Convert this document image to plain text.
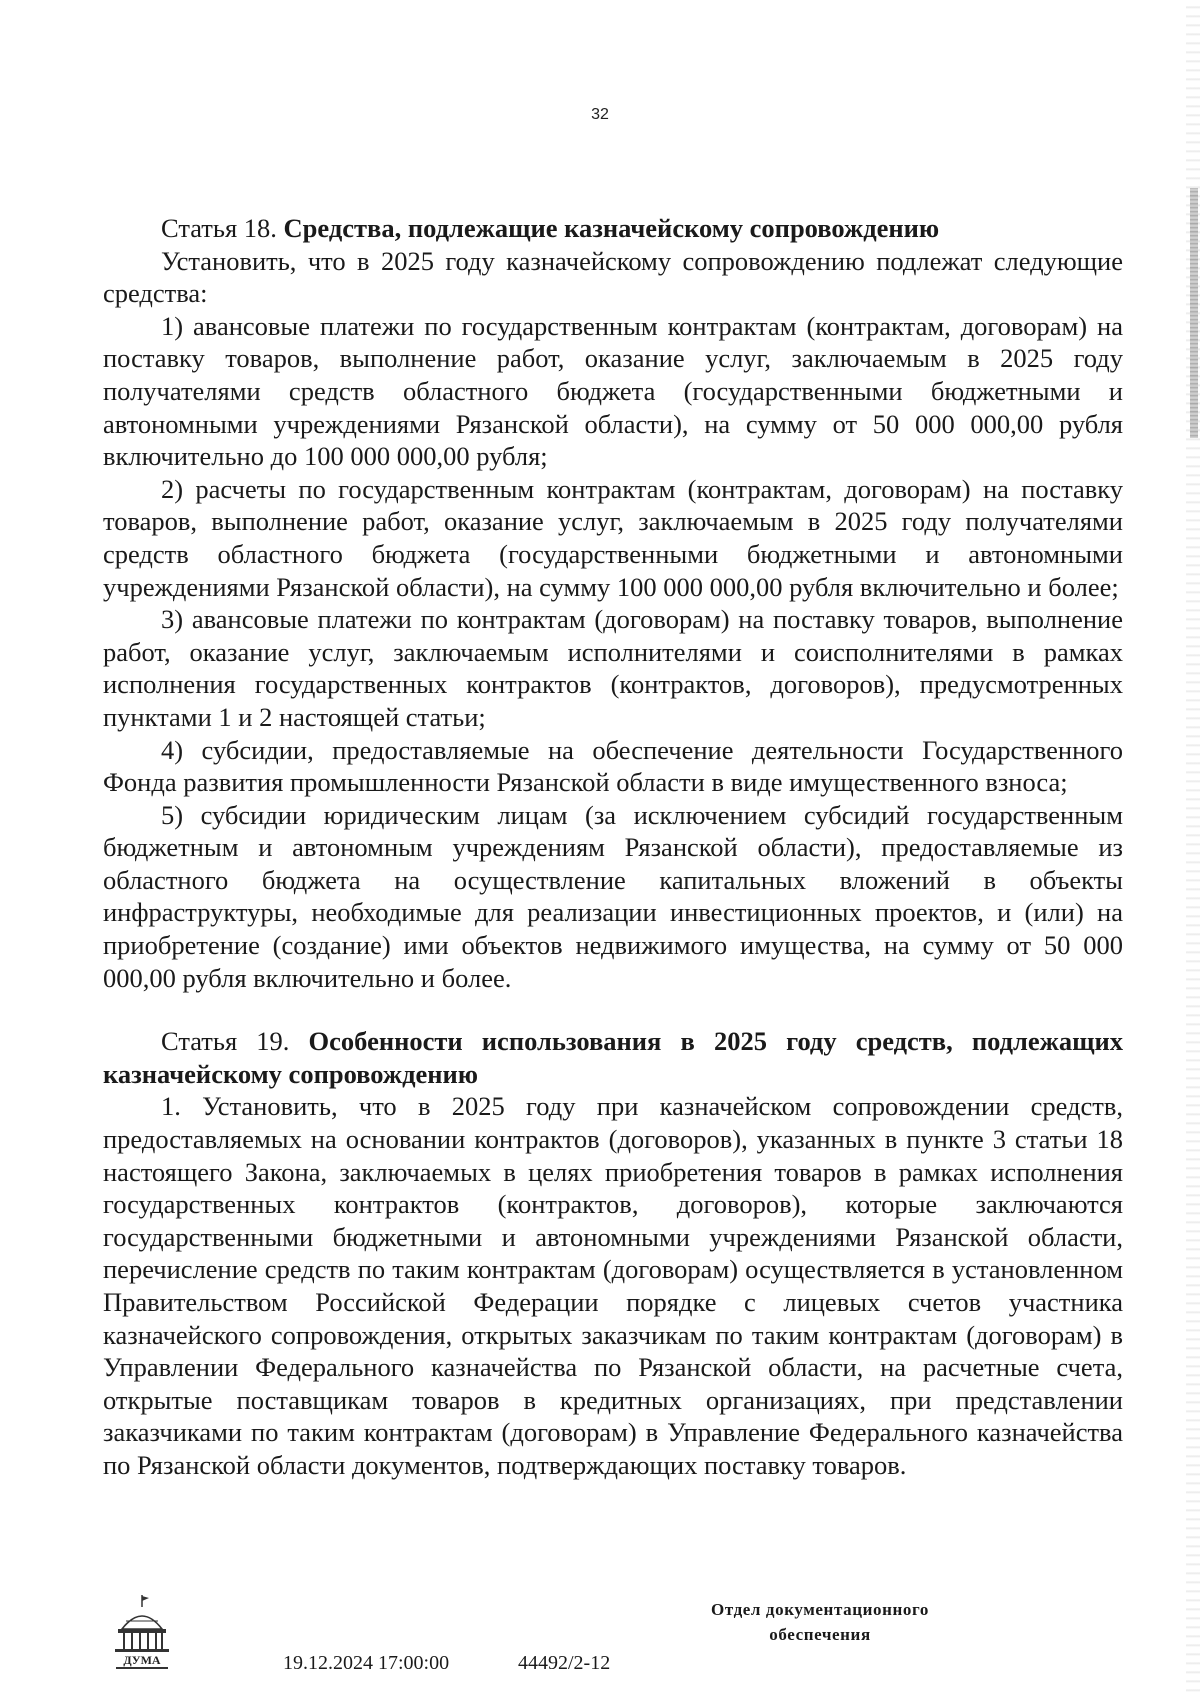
32

Статья 18. Средства, подлежащие казначейскому сопровождению

Установить, что в 2025 году казначейскому сопровождению подлежат следующие средства:

1) авансовые платежи по государственным контрактам (контрактам, договорам) на поставку товаров, выполнение работ, оказание услуг, заключаемым в 2025 году получателями средств областного бюджета (государственными бюджетными и автономными учреждениями Рязанской области), на сумму от 50 000 000,00 рубля включительно до 100 000 000,00 рубля;

2) расчеты по государственным контрактам (контрактам, договорам) на поставку товаров, выполнение работ, оказание услуг, заключаемым в 2025 году получателями средств областного бюджета (государственными бюджетными и автономными учреждениями Рязанской области), на сумму 100 000 000,00 рубля включительно и более;

3) авансовые платежи по контрактам (договорам) на поставку товаров, выполнение работ, оказание услуг, заключаемым исполнителями и соисполнителями в рамках исполнения государственных контрактов (контрактов, договоров), предусмотренных пунктами 1 и 2 настоящей статьи;

4) субсидии, предоставляемые на обеспечение деятельности Государственного Фонда развития промышленности Рязанской области в виде имущественного взноса;

5) субсидии юридическим лицам (за исключением субсидий государственным бюджетным и автономным учреждениям Рязанской области), предоставляемые из областного бюджета на осуществление капитальных вложений в объекты инфраструктуры, необходимые для реализации инвестиционных проектов, и (или) на приобретение (создание) ими объектов недвижимого имущества, на сумму от 50 000 000,00 рубля включительно и более.

Статья 19. Особенности использования в 2025 году средств, подлежащих казначейскому сопровождению

1. Установить, что в 2025 году при казначейском сопровождении средств, предоставляемых на основании контрактов (договоров), указанных в пункте 3 статьи 18 настоящего Закона, заключаемых в целях приобретения товаров в рамках исполнения государственных контрактов (контрактов, договоров), которые заключаются государственными бюджетными и автономными учреждениями Рязанской области, перечисление средств по таким контрактам (договорам) осуществляется в установленном Правительством Российской Федерации порядке с лицевых счетов участника казначейского сопровождения, открытых заказчикам по таким контрактам (договорам) в Управлении Федерального казначейства по Рязанской области, на расчетные счета, открытые поставщикам товаров в кредитных организациях, при представлении заказчиками по таким контрактам (договорам) в Управление Федерального казначейства по Рязанской области документов, подтверждающих поставку товаров.

ДУМА	19.12.2024 17:00:00	44492/2-12
Отдел документационного
обеспечения
